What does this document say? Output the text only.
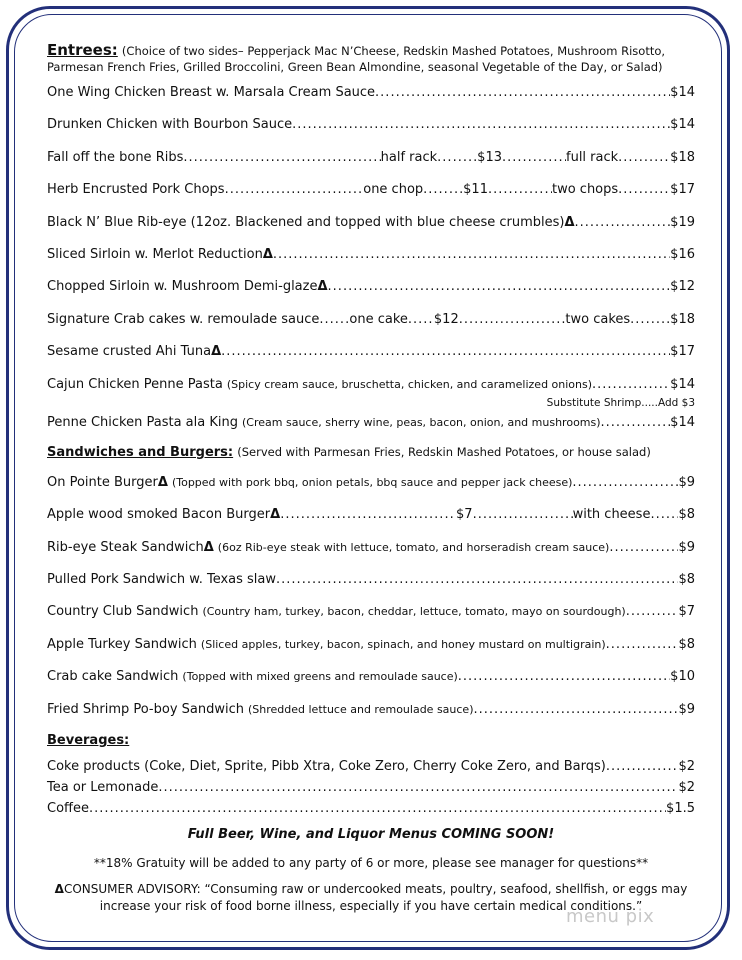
Entrees: (Choice of two sides– Pepperjack Mac N’Cheese, Redskin Mashed Potatoes, Mushroom Risotto,
Parmesan French Fries, Grilled Broccolini, Green Bean Almondine, seasonal Vegetable of the Day, or Salad)
One Wing Chicken Breast w. Marsala Cream Sauce .....	$14
Drunken Chicken with Bourbon Sauce .....	$14
Fall off the bone Ribs .....	half rack .....	$13 .....	full rack .....	$18
Herb Encrusted Pork Chops .....	one chop .....	$11 .....	two chops .....	$17
Black N’ Blue Rib-eye (12oz. Blackened and topped with blue cheese crumbles) Δ .....	$19
Sliced Sirloin w. Merlot Reduction Δ .....	$16
Chopped Sirloin w. Mushroom Demi-glaze Δ .....	$12
Signature Crab cakes w. remoulade sauce ..... one cake ..... $12 .....	two cakes .....	$18
Sesame crusted Ahi Tuna Δ .....	$17
Cajun Chicken Penne Pasta (Spicy cream sauce, bruschetta, chicken, and caramelized onions) .....	$14
Substitute Shrimp.....Add $3
Penne Chicken Pasta ala King (Cream sauce, sherry wine, peas, bacon, onion, and mushrooms) .....	$14
Sandwiches and Burgers: (Served with Parmesan Fries, Redskin Mashed Potatoes, or house salad)
On Pointe Burger Δ (Topped with pork bbq, onion petals, bbq sauce and pepper jack cheese) .....	$9
Apple wood smoked Bacon Burger Δ .....	$7 .....	with cheese ..... $8
Rib-eye Steak Sandwich Δ (6oz Rib-eye steak with lettuce, tomato, and horseradish cream sauce) .....	$9
Pulled Pork Sandwich w. Texas slaw .....	$8
Country Club Sandwich (Country ham, turkey, bacon, cheddar, lettuce, tomato, mayo on sourdough) .....	$7
Apple Turkey Sandwich (Sliced apples, turkey, bacon, spinach, and honey mustard on multigrain) .....	$8
Crab cake Sandwich (Topped with mixed greens and remoulade sauce) .....	$10
Fried Shrimp Po-boy Sandwich (Shredded lettuce and remoulade sauce) .....	$9
Beverages:
Coke products (Coke, Diet, Sprite, Pibb Xtra, Coke Zero, Cherry Coke Zero, and Barqs) .....	$2
Tea or Lemonade .....	$2
Coffee .....	$1.5
Full Beer, Wine, and Liquor Menus COMING SOON!
**18% Gratuity will be added to any party of 6 or more, please see manager for questions**
ΔCONSUMER ADVISORY: “Consuming raw or undercooked meats, poultry, seafood, shellfish, or eggs may
increase your risk of food borne illness, especially if you have certain medical conditions.”
menu pix
